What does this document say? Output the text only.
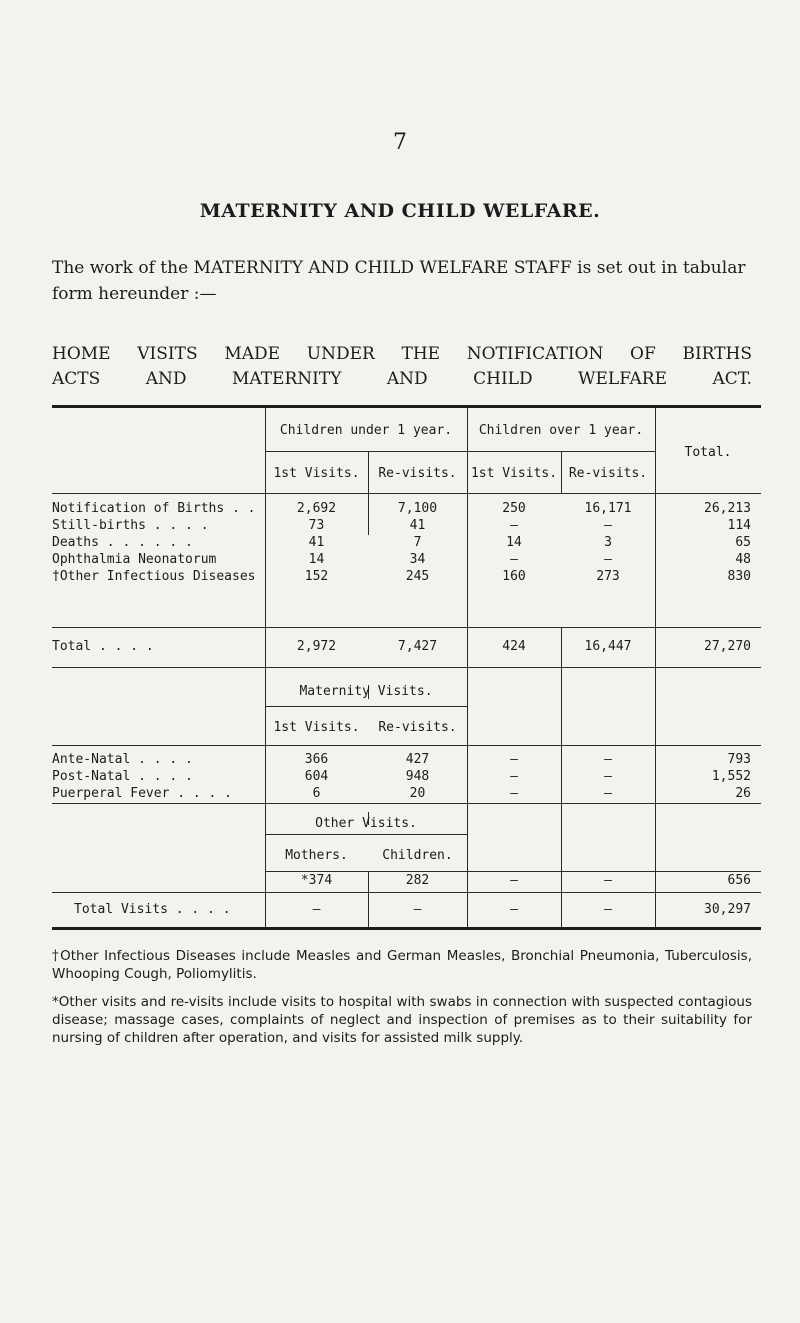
7
MATERNITY AND CHILD WELFARE.
The work of the MATERNITY AND CHILD WELFARE STAFF is set out in tabular form hereunder :—
HOME VISITS MADE UNDER THE NOTIFICATION OF BIRTHS
ACTS AND MATERNITY AND CHILD WELFARE ACT.
Children under 1 year.	Children over 1 year.
Total.
1st Visits.	Re-visits.	1st Visits. Re-visits.
Notification of Births . .	2,692	7,100	250	16,171	26,213
Still-births . . . .	73	41	—	—	114
Deaths . . . . . .	41	7	14	3	65
Ophthalmia Neonatorum	14	34	—	—	48
†Other Infectious Diseases	152	245	160	273	830
Ante-Natal . . . .	366	427	—	—	793
Post-Natal . . . .	604	948	—	—	1,552
Puerperal Fever . . . .	6	20	—	—	26
Total . . . .	2,972	7,427	424	16,447	27,270
Maternity Visits.
1st Visits.	Re-visits.
Other Visits.
Mothers.	Children.
*374	282	—	—	656
Total Visits . . . .	—	—	—	—	30,297

†Other Infectious Diseases include Measles and German Measles, Bronchial Pneumonia, Tuberculosis, Whooping Cough, Poliomylitis.

*Other visits and re-visits include visits to hospital with swabs in connection with suspected contagious disease; massage cases, complaints of neglect and inspection of premises as to their suitability for nursing of children after operation, and visits for assisted milk supply.
